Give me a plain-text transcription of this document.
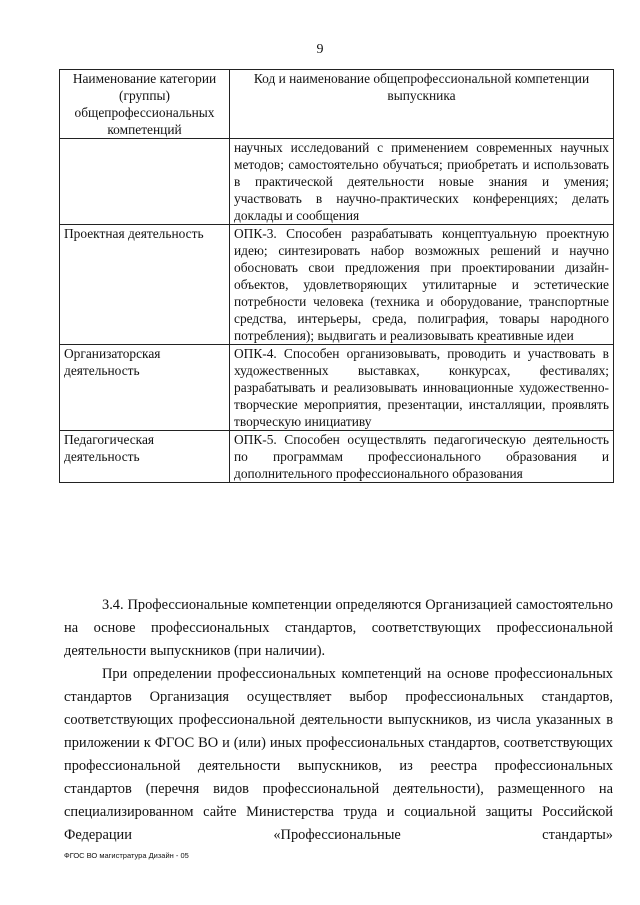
9
Наименование категории (группы) общепрофессиональных компетенций	Код и наименование общепрофессиональной компетенции выпускника
	научных исследований с применением современных научных методов; самостоятельно обучаться; приобретать и использовать в практической деятельности новые знания и умения; участвовать в научно-практических конференциях; делать доклады и сообщения
Проектная деятельность	ОПК-3. Способен разрабатывать концептуальную проектную идею; синтезировать набор возможных решений и научно обосновать свои предложения при проектировании дизайн-объектов, удовлетворяющих утилитарные и эстетические потребности человека (техника и оборудование, транспортные средства, интерьеры, среда, полиграфия, товары народного потребления); выдвигать и реализовывать креативные идеи
Организаторская деятельность	ОПК-4. Способен организовывать, проводить и участвовать в художественных выставках, конкурсах, фестивалях; разрабатывать и реализовывать инновационные художественно-творческие мероприятия, презентации, инсталляции, проявлять творческую инициативу
Педагогическая деятельность	ОПК-5. Способен осуществлять педагогическую деятельность по программам профессионального образования и дополнительного профессионального образования

3.4. Профессиональные компетенции определяются Организацией самостоятельно на основе профессиональных стандартов, соответствующих профессиональной деятельности выпускников (при наличии).

При определении профессиональных компетенций на основе профессиональных стандартов Организация осуществляет выбор профессиональных стандартов, соответствующих профессиональной деятельности выпускников, из числа указанных в приложении к ФГОС ВО и (или) иных профессиональных стандартов, соответствующих профессиональной деятельности выпускников, из реестра профессиональных стандартов (перечня видов профессиональной деятельности), размещенного на специализированном сайте Министерства труда и социальной защиты Российской Федерации «Профессиональные стандарты»

ФГОС ВО магистратура Дизайн - 05
